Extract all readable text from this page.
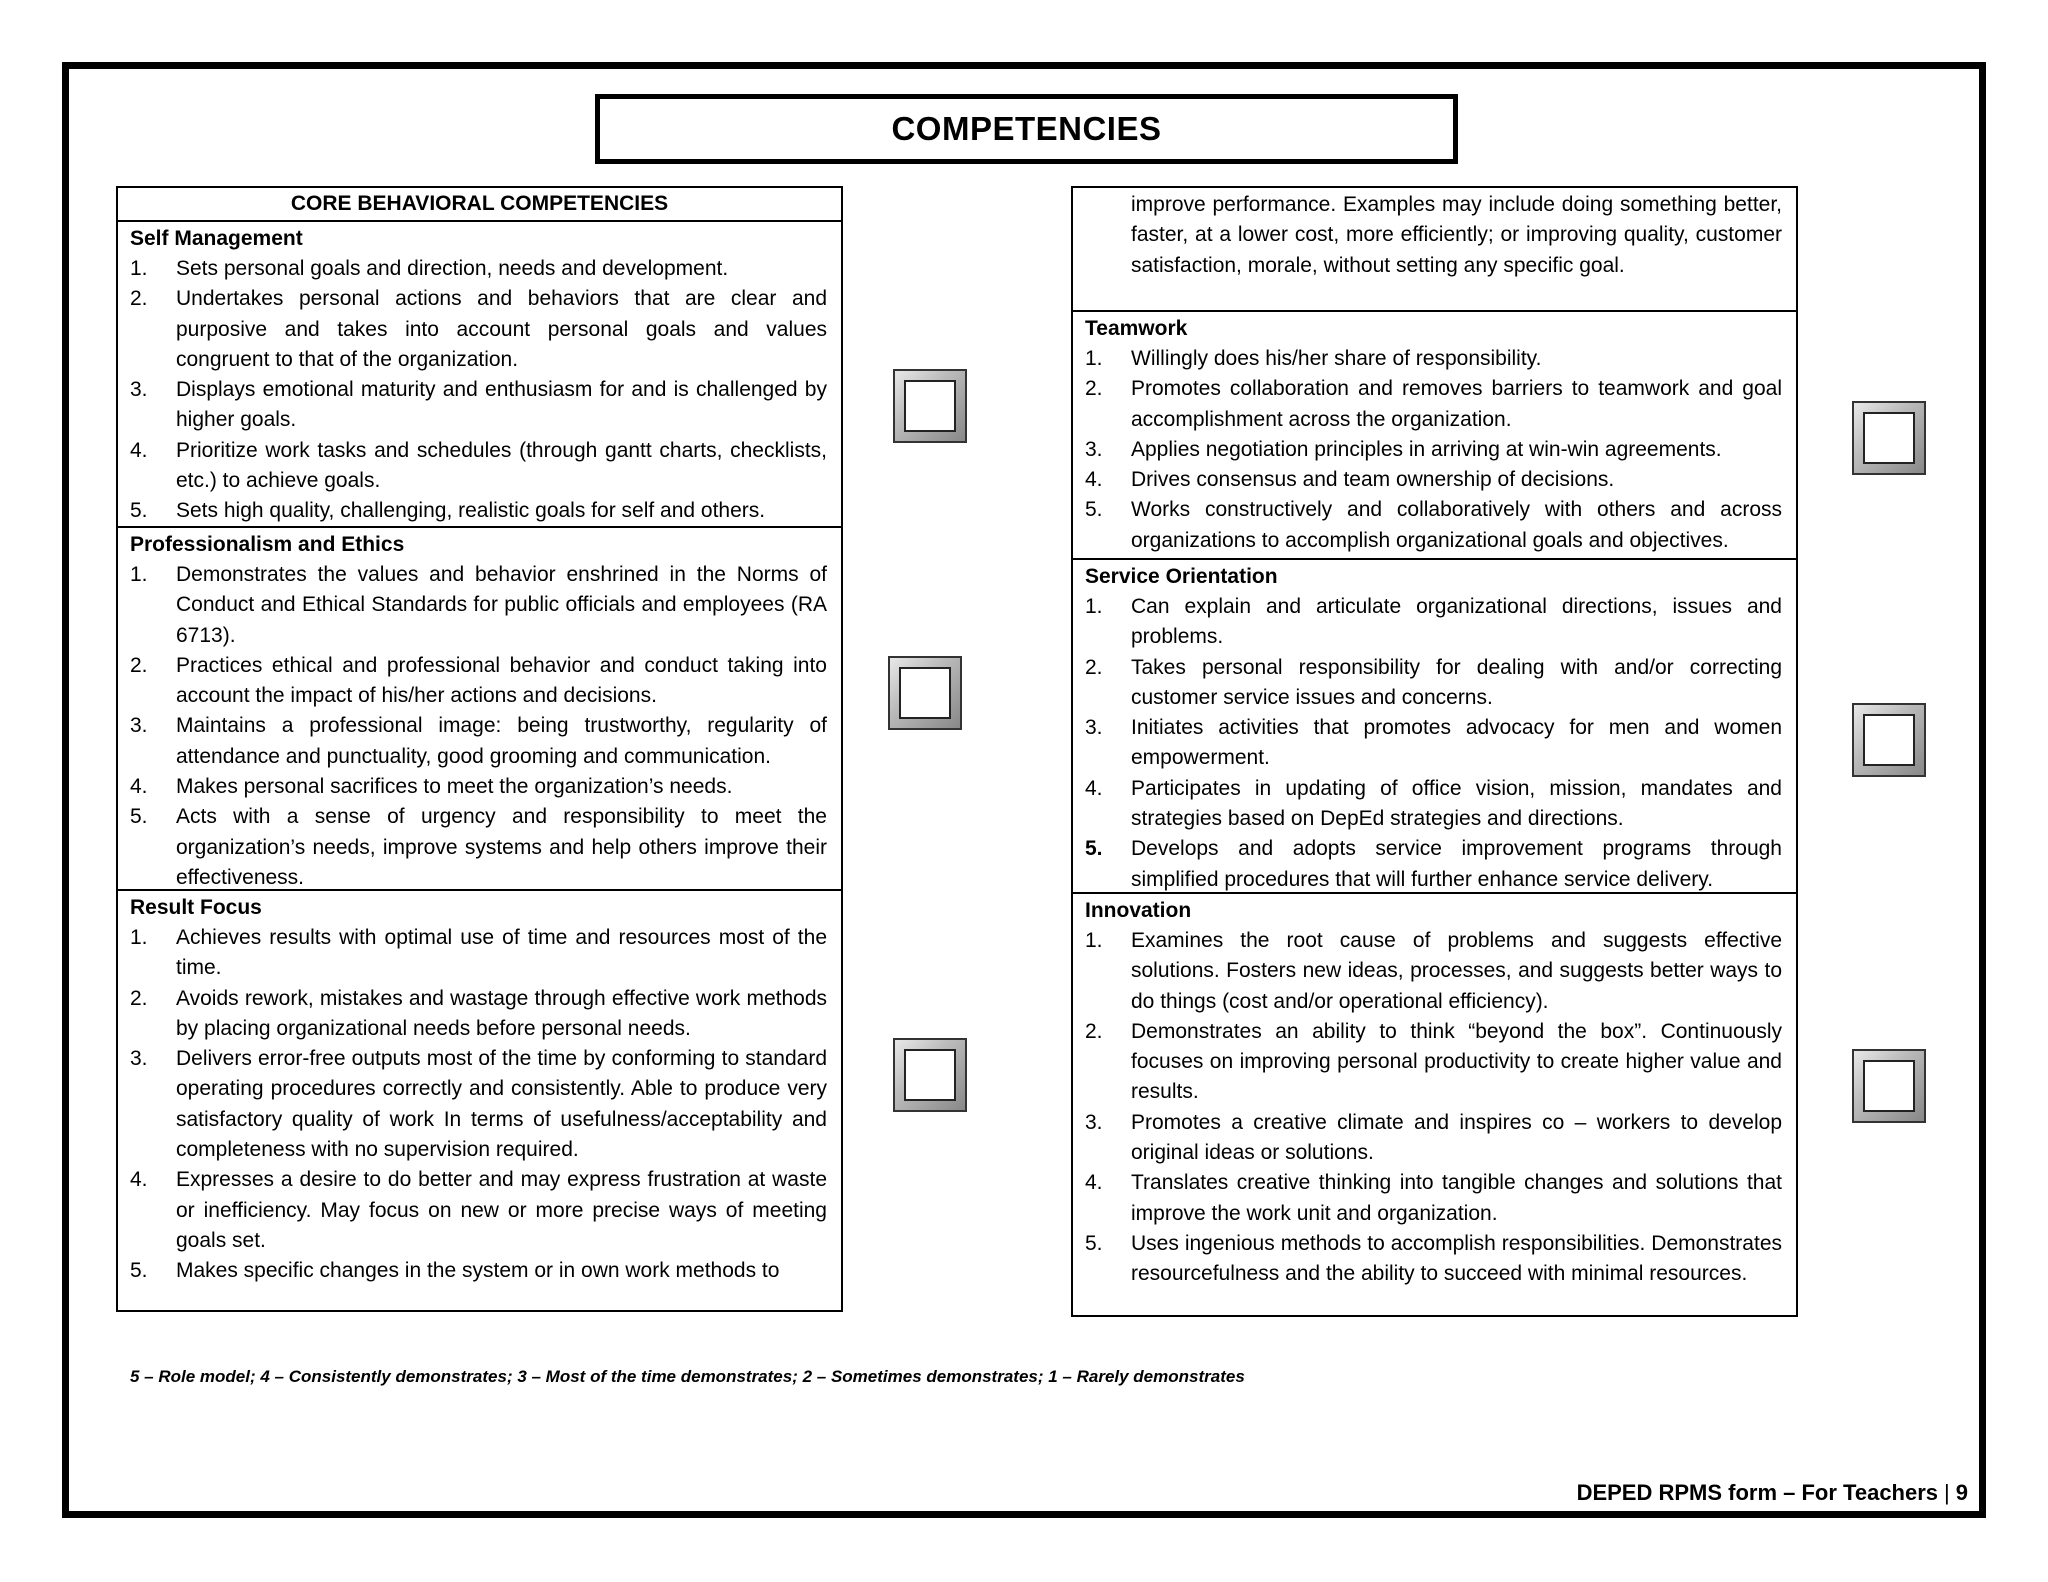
COMPETENCIES
CORE BEHAVIORAL COMPETENCIES
Self Management
1. Sets personal goals and direction, needs and development.
2. Undertakes personal actions and behaviors that are clear and purposive and takes into account personal goals and values congruent to that of the organization.
3. Displays emotional maturity and enthusiasm for and is challenged by higher goals.
4. Prioritize work tasks and schedules (through gantt charts, checklists, etc.) to achieve goals.
5. Sets high quality, challenging, realistic goals for self and others.
Professionalism and Ethics
1. Demonstrates the values and behavior enshrined in the Norms of Conduct and Ethical Standards for public officials and employees (RA 6713).
2. Practices ethical and professional behavior and conduct taking into account the impact of his/her actions and decisions.
3. Maintains a professional image: being trustworthy, regularity of attendance and punctuality, good grooming and communication.
4. Makes personal sacrifices to meet the organization’s needs.
5. Acts with a sense of urgency and responsibility to meet the organization’s needs, improve systems and help others improve their effectiveness.
Result Focus
1. Achieves results with optimal use of time and resources most of the time.
2. Avoids rework, mistakes and wastage through effective work methods by placing organizational needs before personal needs.
3. Delivers error-free outputs most of the time by conforming to standard operating procedures correctly and consistently. Able to produce very satisfactory quality of work In terms of usefulness/acceptability and completeness with no supervision required.
4. Expresses a desire to do better and may express frustration at waste or inefficiency. May focus on new or more precise ways of meeting goals set.
5. Makes specific changes in the system or in own work methods to
improve performance. Examples may include doing something better, faster, at a lower cost, more efficiently; or improving quality, customer satisfaction, morale, without setting any specific goal.
Teamwork
1. Willingly does his/her share of responsibility.
2. Promotes collaboration and removes barriers to teamwork and goal accomplishment across the organization.
3. Applies negotiation principles in arriving at win-win agreements.
4. Drives consensus and team ownership of decisions.
5. Works constructively and collaboratively with others and across organizations to accomplish organizational goals and objectives.
Service Orientation
1. Can explain and articulate organizational directions, issues and problems.
2. Takes personal responsibility for dealing with and/or correcting customer service issues and concerns.
3. Initiates activities that promotes advocacy for men and women empowerment.
4. Participates in updating of office vision, mission, mandates and strategies based on DepEd strategies and directions.
5. Develops and adopts service improvement programs through simplified procedures that will further enhance service delivery.
Innovation
1. Examines the root cause of problems and suggests effective solutions. Fosters new ideas, processes, and suggests better ways to do things (cost and/or operational efficiency).
2. Demonstrates an ability to think “beyond the box”. Continuously focuses on improving personal productivity to create higher value and results.
3. Promotes a creative climate and inspires co – workers to develop original ideas or solutions.
4. Translates creative thinking into tangible changes and solutions that improve the work unit and organization.
5. Uses ingenious methods to accomplish responsibilities. Demonstrates resourcefulness and the ability to succeed with minimal resources.
5 – Role model; 4 – Consistently demonstrates; 3 – Most of the time demonstrates; 2 – Sometimes demonstrates; 1 – Rarely demonstrates
DEPED RPMS form – For Teachers | 9
